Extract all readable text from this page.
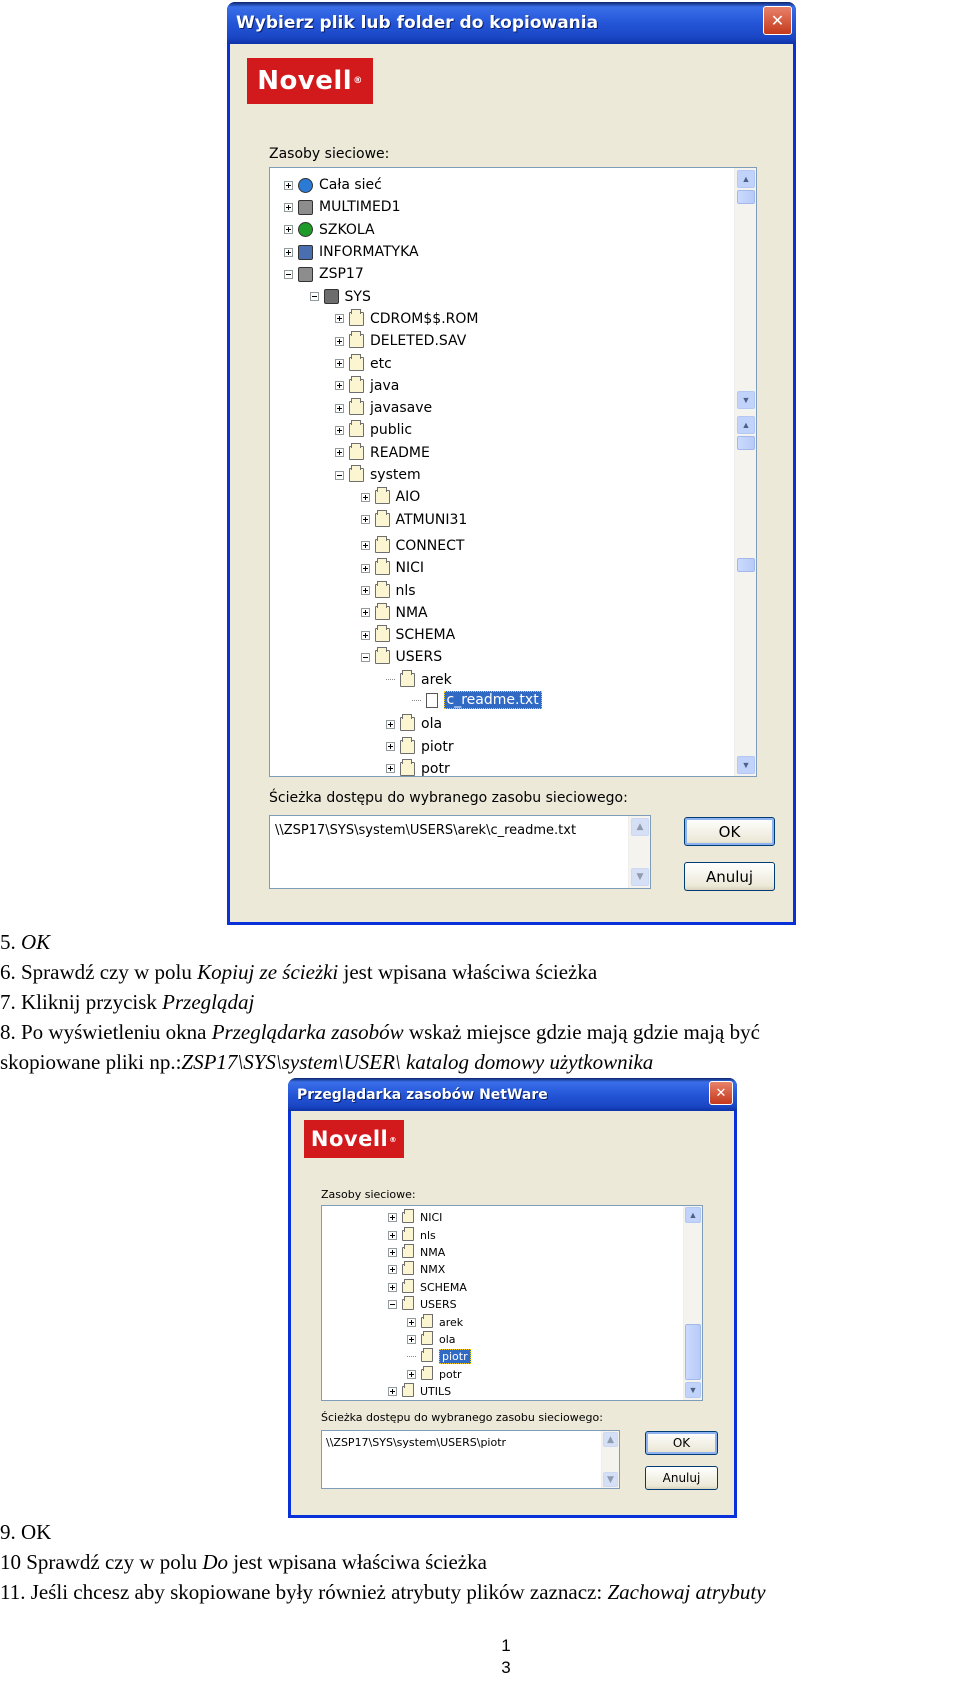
Wybierz plik lub folder do kopiowania	✕
Novell ®
Zasoby sieciowe:
Cała sieć
MULTIMED1
SZKOLA
INFORMATYKA
ZSP17
SYS
CDROM$$.ROM
DELETED.SAV
etc
java
javasave
public
README
system
AIO
ATMUNI31
CONNECT
NICI
nls
NMA
SCHEMA
USERS
arek
c_readme.txt
ola
piotr
potr
▲
▼
▲
▼
Ścieżka dostępu do wybranego zasobu sieciowego:
\\ZSP17\SYS\system\USERS\arek\c_readme.txt	▲
▼
OK
Anuluj
5. OK
6. Sprawdź czy w polu Kopiuj ze ścieżki jest wpisana właściwa ścieżka
7. Kliknij przycisk Przeglądaj
8. Po wyświetleniu okna Przeglądarka zasobów wskaż miejsce gdzie mają gdzie mają być
skopiowane pliki np.:ZSP17\SYS\system\USER\ katalog domowy użytkownika
Przeglądarka zasobów NetWare	✕
Novell ®
Zasoby sieciowe:
NICI
nls
NMA
NMX
SCHEMA
USERS
arek
ola
piotr
potr
UTILS
▲
▼
Ścieżka dostępu do wybranego zasobu sieciowego:
\\ZSP17\SYS\system\USERS\piotr	▲
▼
OK
Anuluj
9. OK
10 Sprawdź czy w polu Do jest wpisana właściwa ścieżka
11. Jeśli chcesz aby skopiowane były również atrybuty plików zaznacz: Zachowaj atrybuty
1
3
